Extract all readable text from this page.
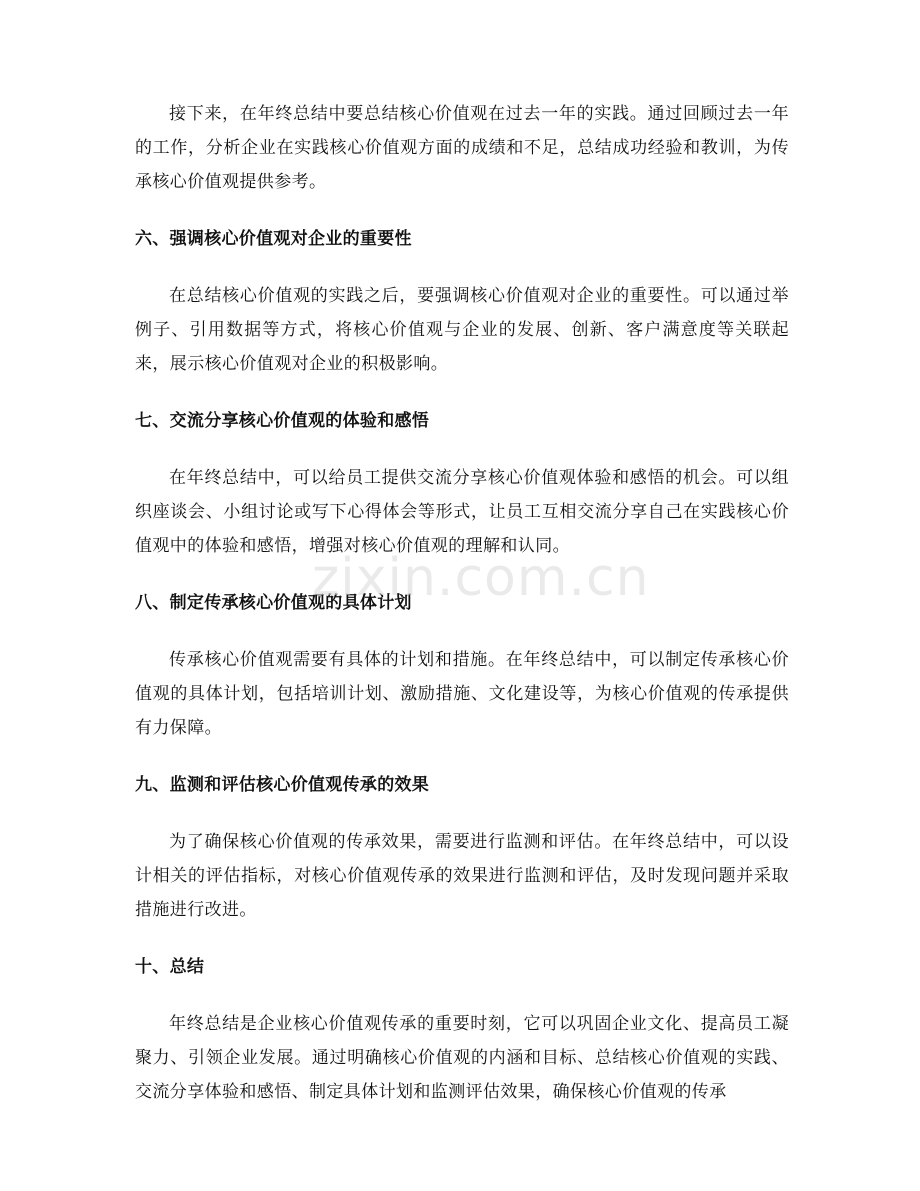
接下来，在年终总结中要总结核心价值观在过去一年的实践。通过回顾过去一年的工作，分析企业在实践核心价值观方面的成绩和不足，总结成功经验和教训，为传承核心价值观提供参考。

六、强调核心价值观对企业的重要性

在总结核心价值观的实践之后，要强调核心价值观对企业的重要性。可以通过举例子、引用数据等方式，将核心价值观与企业的发展、创新、客户满意度等关联起来，展示核心价值观对企业的积极影响。

七、交流分享核心价值观的体验和感悟

在年终总结中，可以给员工提供交流分享核心价值观体验和感悟的机会。可以组织座谈会、小组讨论或写下心得体会等形式，让员工互相交流分享自己在实践核心价值观中的体验和感悟，增强对核心价值观的理解和认同。

八、制定传承核心价值观的具体计划

传承核心价值观需要有具体的计划和措施。在年终总结中，可以制定传承核心价值观的具体计划，包括培训计划、激励措施、文化建设等，为核心价值观的传承提供有力保障。

九、监测和评估核心价值观传承的效果

为了确保核心价值观的传承效果，需要进行监测和评估。在年终总结中，可以设计相关的评估指标，对核心价值观传承的效果进行监测和评估，及时发现问题并采取措施进行改进。

十、总结

年终总结是企业核心价值观传承的重要时刻，它可以巩固企业文化、提高员工凝聚力、引领企业发展。通过明确核心价值观的内涵和目标、总结核心价值观的实践、交流分享体验和感悟、制定具体计划和监测评估效果，确保核心价值观的传承

zixin.com.cn
